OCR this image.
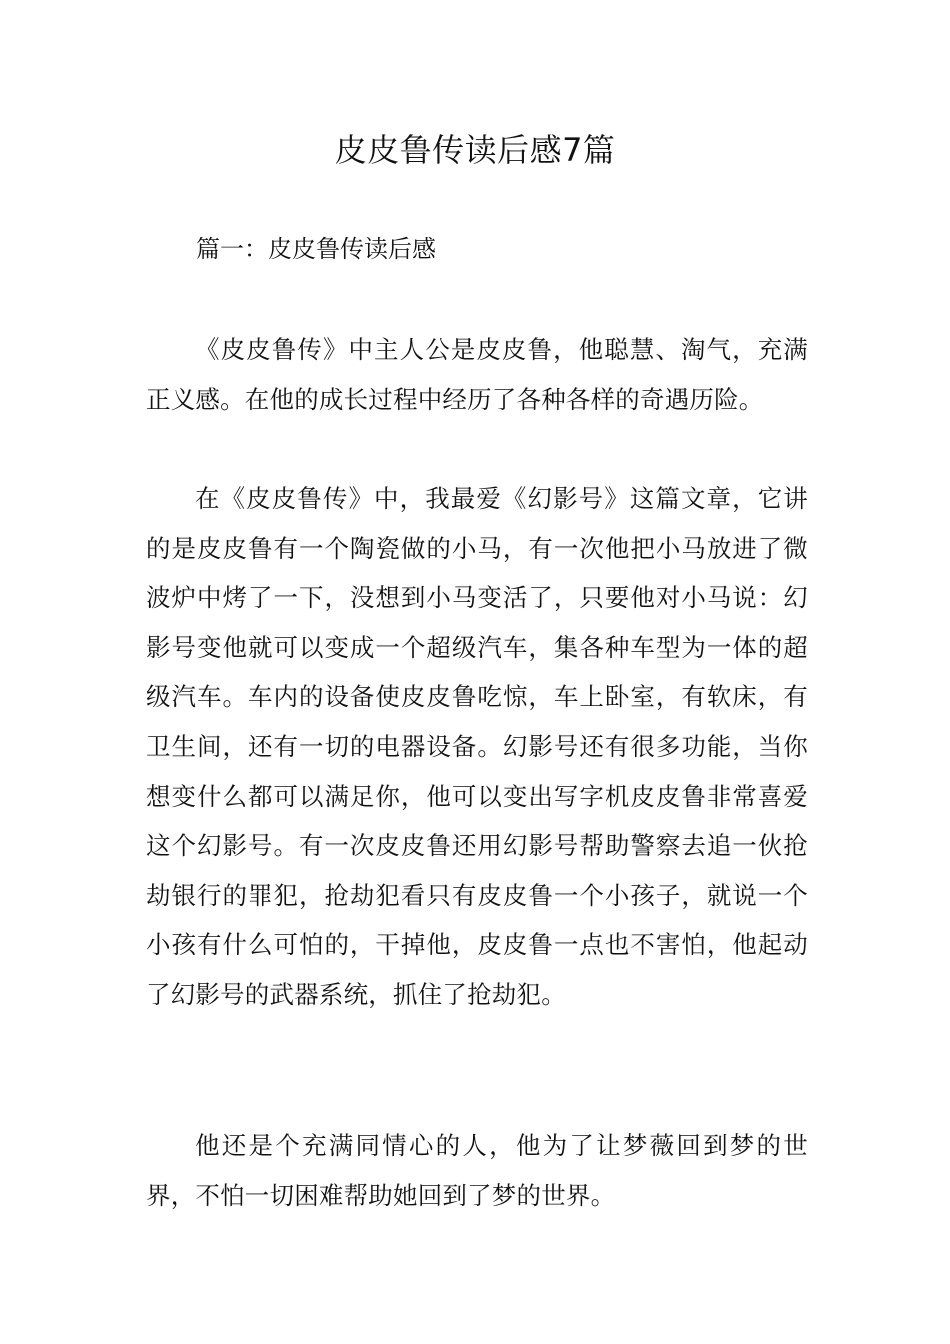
皮皮鲁传读后感7篇
篇一：皮皮鲁传读后感

《皮皮鲁传》中主人公是皮皮鲁，他聪慧、淘气，充满正义感。在他的成长过程中经历了各种各样的奇遇历险。

在《皮皮鲁传》中，我最爱《幻影号》这篇文章，它讲的是皮皮鲁有一个陶瓷做的小马，有一次他把小马放进了微波炉中烤了一下，没想到小马变活了，只要他对小马说：幻影号变他就可以变成一个超级汽车，集各种车型为一体的超级汽车。车内的设备使皮皮鲁吃惊，车上卧室，有软床，有卫生间，还有一切的电器设备。幻影号还有很多功能，当你想变什么都可以满足你，他可以变出写字机皮皮鲁非常喜爱这个幻影号。有一次皮皮鲁还用幻影号帮助警察去追一伙抢劫银行的罪犯，抢劫犯看只有皮皮鲁一个小孩子，就说一个小孩有什么可怕的，干掉他，皮皮鲁一点也不害怕，他起动了幻影号的武器系统，抓住了抢劫犯。

他还是个充满同情心的人，他为了让梦薇回到梦的世界，不怕一切困难帮助她回到了梦的世界。
